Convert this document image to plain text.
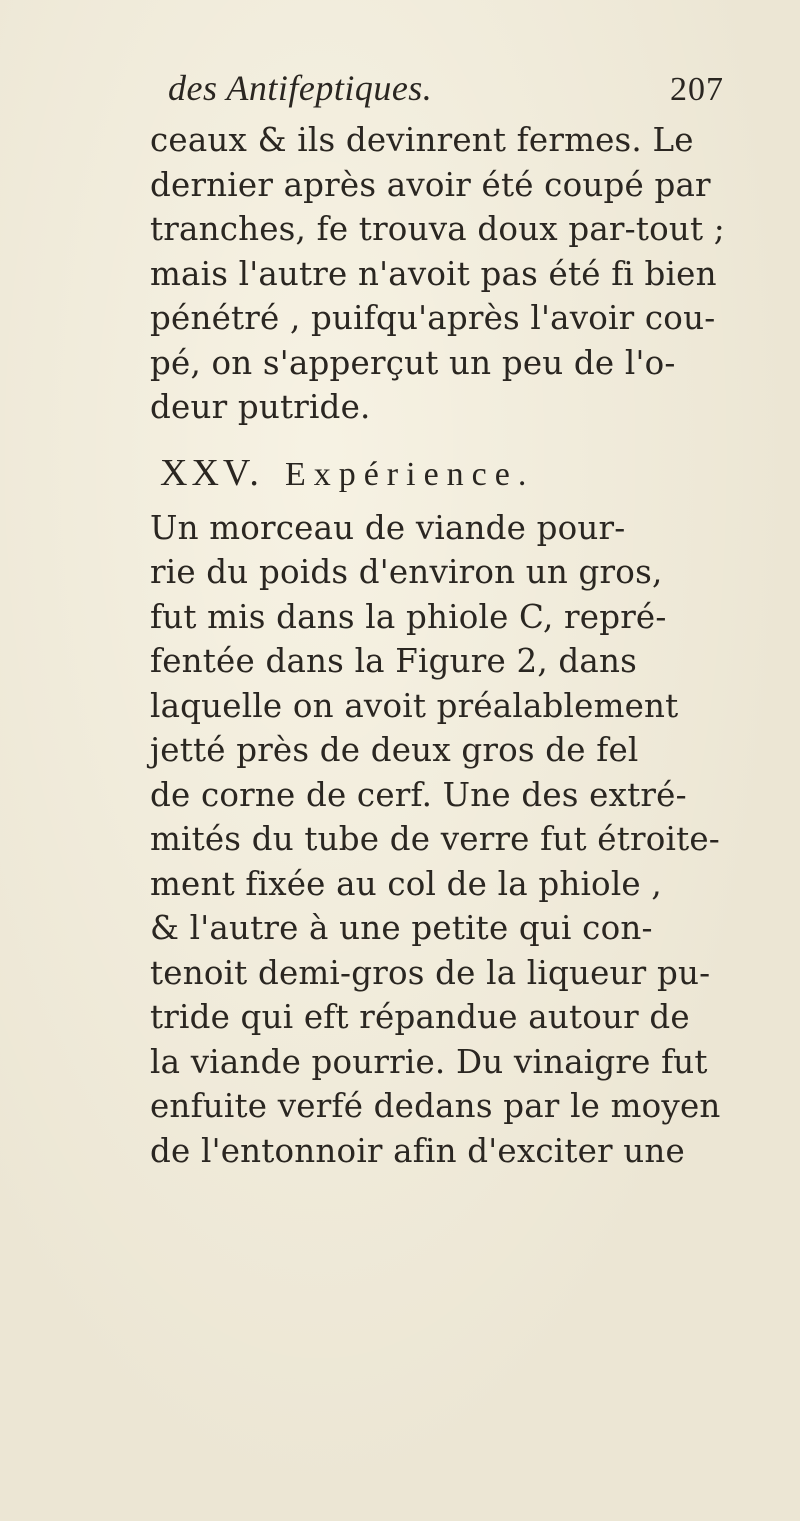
des Antifeptiques.	207
ceaux & ils devinrent fermes. Le
dernier après avoir été coupé par
tranches, fe trouva doux par-tout ;
mais l'autre n'avoit pas été fi bien
pénétré , puifqu'après l'avoir cou-
pé, on s'apperçut un peu de l'o-
deur putride.
XXV. Expérience.
Un morceau de viande pour-
rie du poids d'environ un gros,
fut mis dans la phiole C, repré-
fentée dans la Figure 2, dans
laquelle on avoit préalablement
jetté près de deux gros de fel
de corne de cerf. Une des extré-
mités du tube de verre fut étroite-
ment fixée au col de la phiole ,
& l'autre à une petite qui con-
tenoit demi-gros de la liqueur pu-
tride qui eft répandue autour de
la viande pourrie. Du vinaigre fut
enfuite verfé dedans par le moyen
de l'entonnoir afin d'exciter une
